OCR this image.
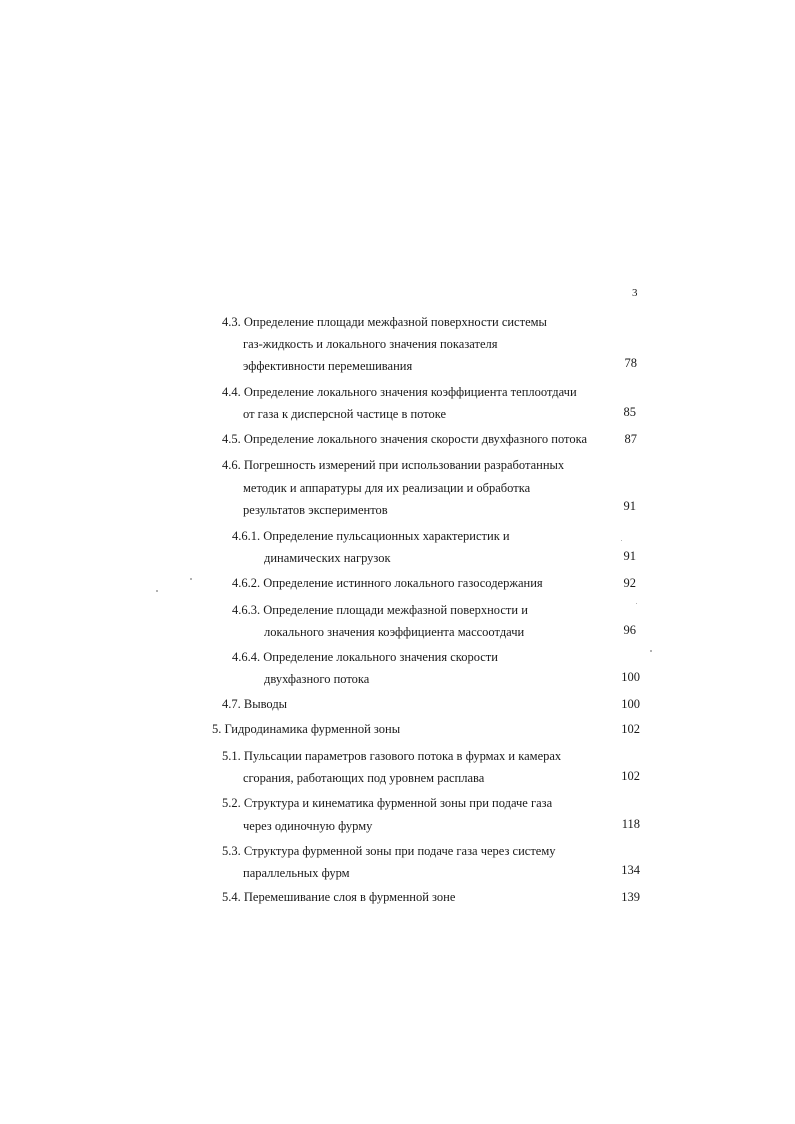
3
4.3. Определение площади межфазной поверхности системы
газ-жидкость и локального значения показателя
эффективности перемешивания	78
4.4. Определение локального значения коэффициента теплоотдачи
от газа к дисперсной частице в потоке	85
4.5. Определение локального значения скорости двухфазного потока	87
4.6. Погрешность измерений при использовании разработанных
методик и аппаратуры для их реализации и обработка
результатов экспериментов	91
4.6.1. Определение пульсационных характеристик и
динамических нагрузок	91
4.6.2. Определение истинного локального газосодержания	92
4.6.3. Определение площади межфазной поверхности и
локального значения коэффициента массоотдачи	96
4.6.4. Определение локального значения скорости
двухфазного потока	100
4.7. Выводы	100
5. Гидродинамика фурменной зоны	102
5.1. Пульсации параметров газового потока в фурмах и камерах
сгорания, работающих под уровнем расплава	102
5.2. Структура и кинематика фурменной зоны при подаче газа
через одиночную фурму	118
5.3. Структура фурменной зоны при подаче газа через систему
параллельных фурм	134
5.4. Перемешивание слоя в фурменной зоне	139
